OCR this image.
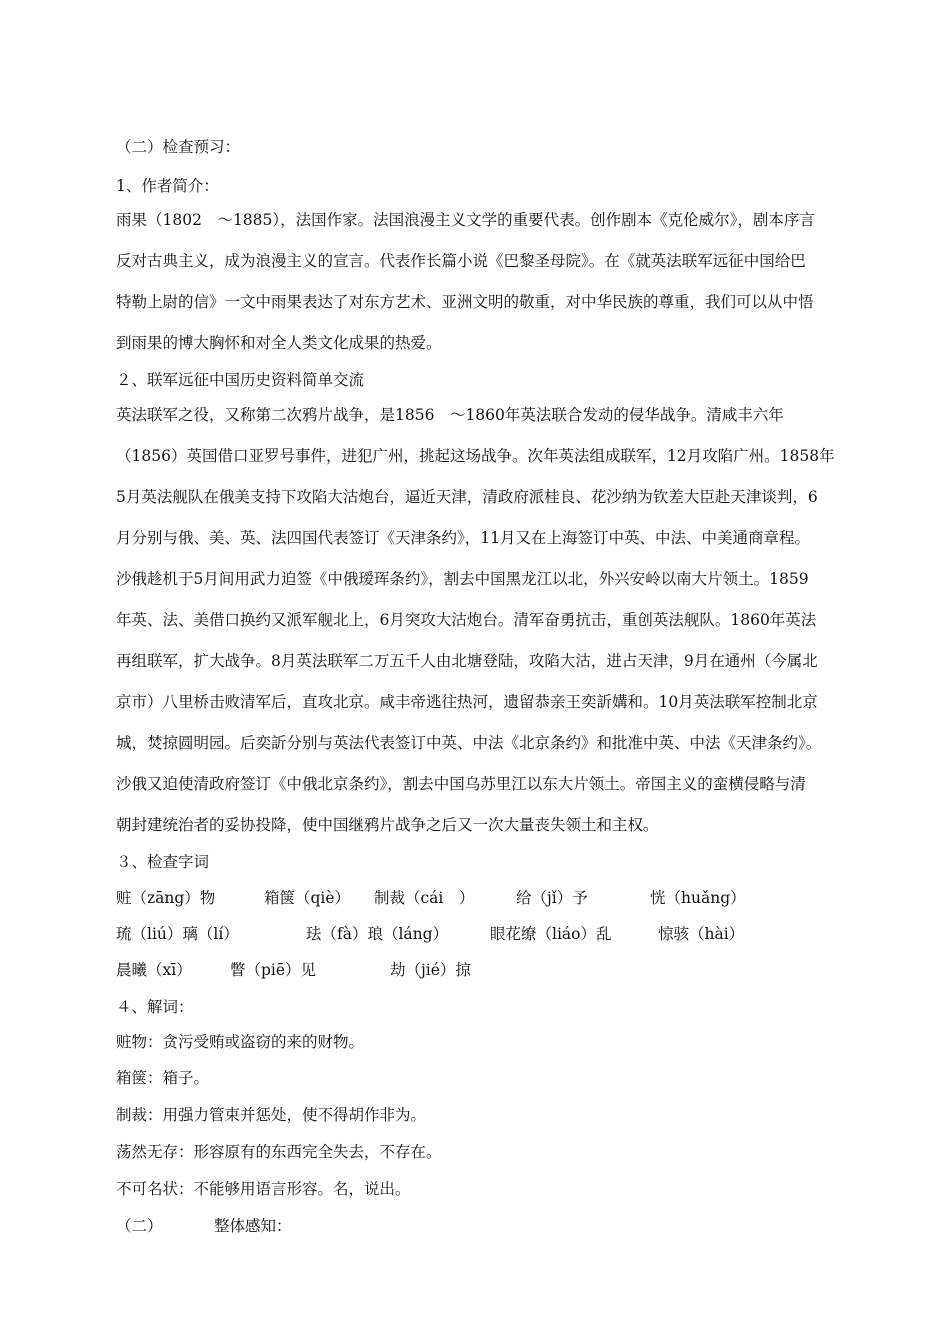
（二）检查预习：
1、作者简介：
雨果（1802　～1885），法国作家。法国浪漫主义文学的重要代表。创作剧本《克伦威尔》，剧本序言
反对古典主义，成为浪漫主义的宣言。代表作长篇小说《巴黎圣母院》。在《就英法联军远征中国给巴
特勒上尉的信》一文中雨果表达了对东方艺术、亚洲文明的敬重，对中华民族的尊重，我们可以从中悟
到雨果的博大胸怀和对全人类文化成果的热爱。
２、联军远征中国历史资料简单交流
英法联军之役，又称第二次鸦片战争，是1856　～1860年英法联合发动的侵华战争。清咸丰六年
（1856）英国借口亚罗号事件，进犯广州，挑起这场战争。次年英法组成联军，12月攻陷广州。1858年
5月英法舰队在俄美支持下攻陷大沽炮台，逼近天津，清政府派桂良、花沙纳为钦差大臣赴天津谈判，6
月分别与俄、美、英、法四国代表签订《天津条约》，11月又在上海签订中英、中法、中美通商章程。
沙俄趁机于5月间用武力迫签《中俄瑷珲条约》，割去中国黑龙江以北，外兴安岭以南大片领土。1859
年英、法、美借口换约又派军舰北上，6月突攻大沽炮台。清军奋勇抗击，重创英法舰队。1860年英法
再组联军，扩大战争。8月英法联军二万五千人由北塘登陆，攻陷大沽，进占天津，9月在通州（今属北
京市）八里桥击败清军后，直攻北京。咸丰帝逃往热河，遗留恭亲王奕訢媾和。10月英法联军控制北京
城，焚掠圆明园。后奕訢分别与英法代表签订中英、中法《北京条约》和批准中英、中法《天津条约》。
沙俄又迫使清政府签订《中俄北京条约》，割去中国乌苏里江以东大片领土。帝国主义的蛮横侵略与清
朝封建统治者的妥协投降，使中国继鸦片战争之后又一次大量丧失领土和主权。
３、检查字词
赃（zāng）物	箱箧（qiè） 制裁（cái　）	给（jǐ）予	恍（huǎng）
琉（liú）璃（lí）	珐（fà）琅（láng）	眼花缭（liáo）乱	惊骇（hài）
晨曦（xī） 瞥（piē）见	劫（jié）掠
４、解词：
赃物：贪污受贿或盗窃的来的财物。
箱箧：箱子。
制裁：用强力管束并惩处，使不得胡作非为。
荡然无存：形容原有的东西完全失去，不存在。
不可名状：不能够用语言形容。名，说出。
（二）	整体感知：
